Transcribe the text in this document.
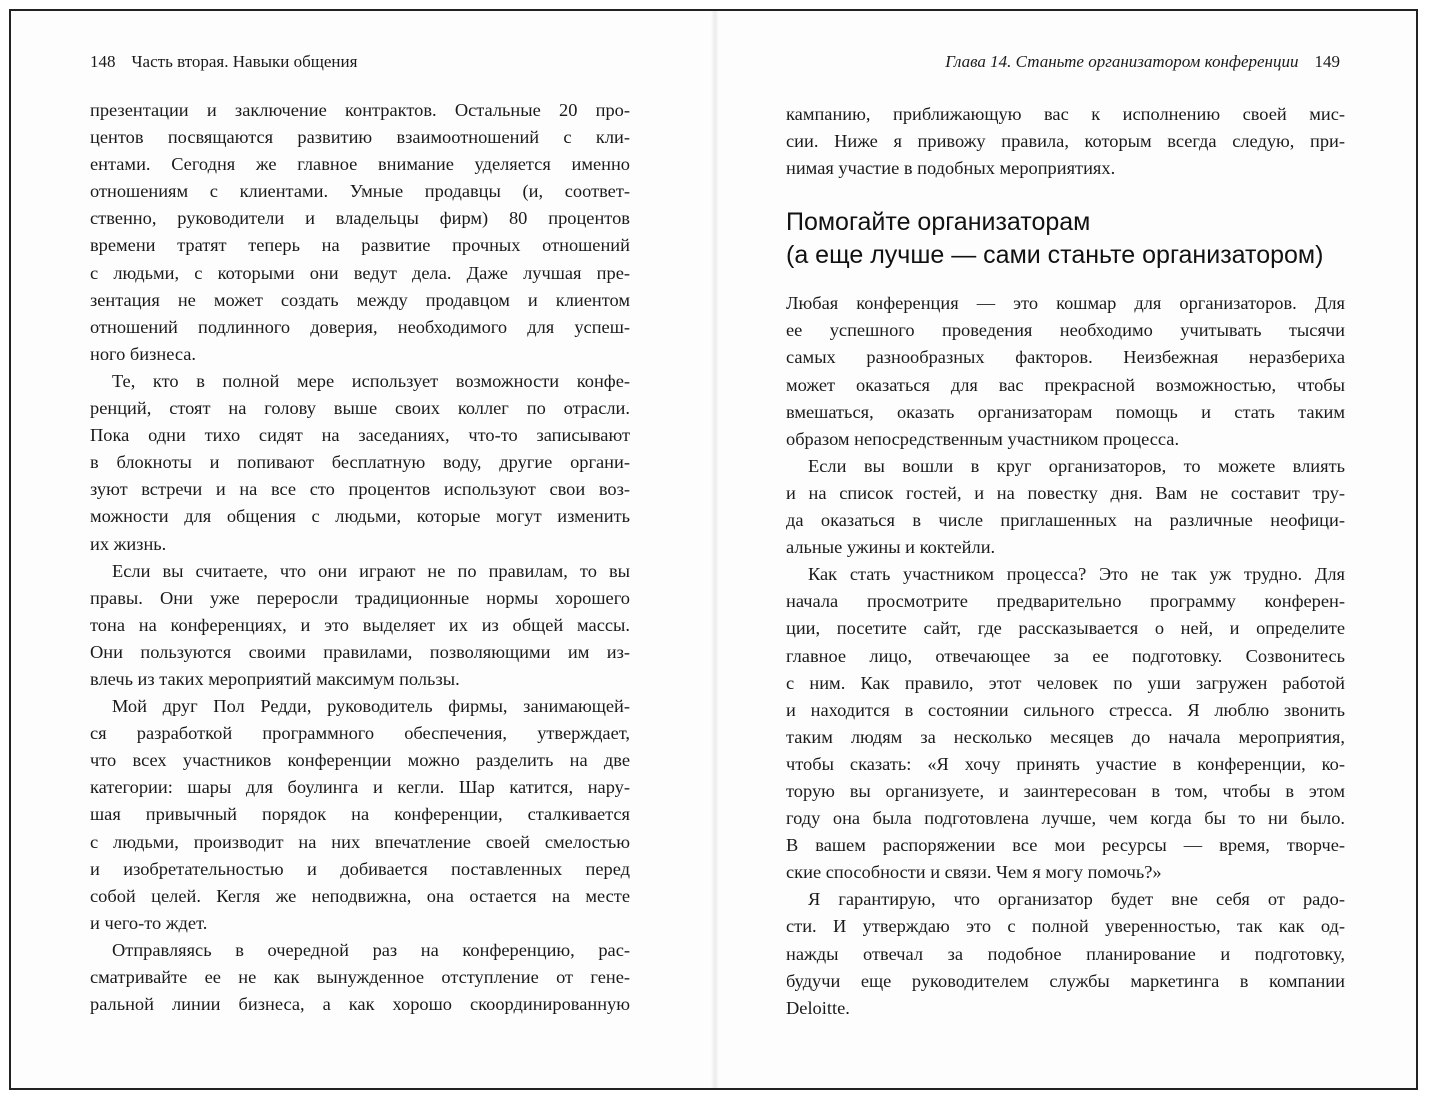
148 Часть вторая. Навыки общения
презентации и заключение контрактов. Остальные 20 про-
центов посвящаются развитию взаимоотношений с кли-
ентами. Сегодня же главное внимание уделяется именно
отношениям с клиентами. Умные продавцы (и, соответ-
ственно, руководители и владельцы фирм) 80 процентов
времени тратят теперь на развитие прочных отношений
с людьми, с которыми они ведут дела. Даже лучшая пре-
зентация не может создать между продавцом и клиентом
отношений подлинного доверия, необходимого для успеш-
ного бизнеса.
Те, кто в полной мере использует возможности конфе-
ренций, стоят на голову выше своих коллег по отрасли.
Пока одни тихо сидят на заседаниях, что-то записывают
в блокноты и попивают бесплатную воду, другие органи-
зуют встречи и на все сто процентов используют свои воз-
можности для общения с людьми, которые могут изменить
их жизнь.
Если вы считаете, что они играют не по правилам, то вы
правы. Они уже переросли традиционные нормы хорошего
тона на конференциях, и это выделяет их из общей массы.
Они пользуются своими правилами, позволяющими им из-
влечь из таких мероприятий максимум пользы.
Мой друг Пол Редди, руководитель фирмы, занимающей-
ся разработкой программного обеспечения, утверждает,
что всех участников конференции можно разделить на две
категории: шары для боулинга и кегли. Шар катится, нару-
шая привычный порядок на конференции, сталкивается
с людьми, производит на них впечатление своей смелостью
и изобретательностью и добивается поставленных перед
собой целей. Кегля же неподвижна, она остается на месте
и чего-то ждет.
Отправляясь в очередной раз на конференцию, рас-
сматривайте ее не как вынужденное отступление от гене-
ральной линии бизнеса, а как хорошо скоординированную
Глава 14. Станьте организатором конференции 149
кампанию, приближающую вас к исполнению своей мис-
сии. Ниже я привожу правила, которым всегда следую, при-
нимая участие в подобных мероприятиях.
Помогайте организаторам
(а еще лучше — сами станьте организатором)
Любая конференция — это кошмар для организаторов. Для
ее успешного проведения необходимо учитывать тысячи
самых разнообразных факторов. Неизбежная неразбериха
может оказаться для вас прекрасной возможностью, чтобы
вмешаться, оказать организаторам помощь и стать таким
образом непосредственным участником процесса.
Если вы вошли в круг организаторов, то можете влиять
и на список гостей, и на повестку дня. Вам не составит тру-
да оказаться в числе приглашенных на различные неофици-
альные ужины и коктейли.
Как стать участником процесса? Это не так уж трудно. Для
начала просмотрите предварительно программу конферен-
ции, посетите сайт, где рассказывается о ней, и определите
главное лицо, отвечающее за ее подготовку. Созвонитесь
с ним. Как правило, этот человек по уши загружен работой
и находится в состоянии сильного стресса. Я люблю звонить
таким людям за несколько месяцев до начала мероприятия,
чтобы сказать: «Я хочу принять участие в конференции, ко-
торую вы организуете, и заинтересован в том, чтобы в этом
году она была подготовлена лучше, чем когда бы то ни было.
В вашем распоряжении все мои ресурсы — время, творче-
ские способности и связи. Чем я могу помочь?»
Я гарантирую, что организатор будет вне себя от радо-
сти. И утверждаю это с полной уверенностью, так как од-
нажды отвечал за подобное планирование и подготовку,
будучи еще руководителем службы маркетинга в компании
Deloitte.
